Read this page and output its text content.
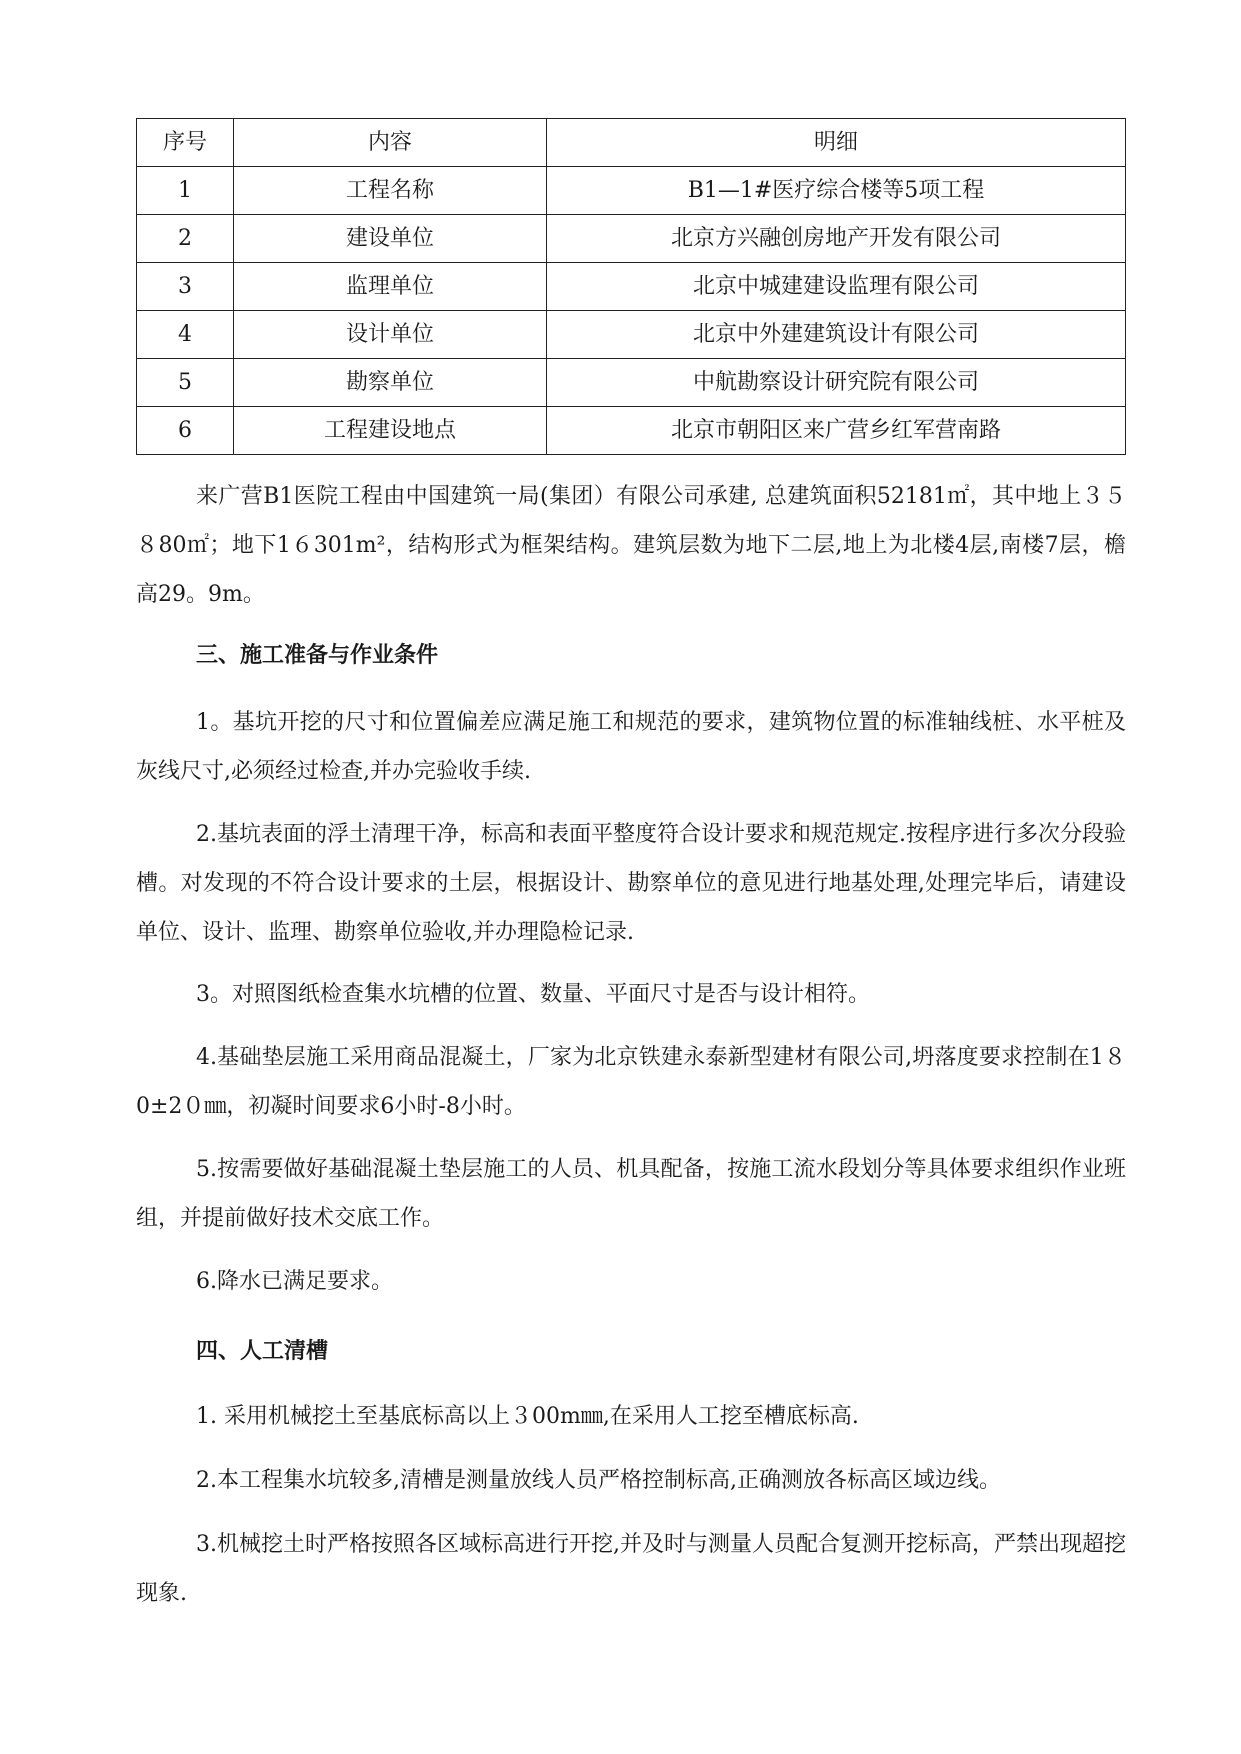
序号	内容	明细
1	工程名称	B1—1#医疗综合楼等5项工程
2	建设单位	北京方兴融创房地产开发有限公司
3	监理单位	北京中城建建设监理有限公司
4	设计单位	北京中外建建筑设计有限公司
5	勘察单位	中航勘察设计研究院有限公司
6	工程建设地点	北京市朝阳区来广营乡红军营南路

来广营B1医院工程由中国建筑一局(集团）有限公司承建, 总建筑面积52181㎡，其中地上３５８80㎡；地下1６301m²，结构形式为框架结构。建筑层数为地下二层,地上为北楼4层,南楼7层，檐高29。9m。

三、施工准备与作业条件

1。基坑开挖的尺寸和位置偏差应满足施工和规范的要求，建筑物位置的标准轴线桩、水平桩及灰线尺寸,必须经过检查,并办完验收手续.

2.基坑表面的浮土清理干净，标高和表面平整度符合设计要求和规范规定.按程序进行多次分段验槽。对发现的不符合设计要求的土层，根据设计、勘察单位的意见进行地基处理,处理完毕后，请建设单位、设计、监理、勘察单位验收,并办理隐检记录.

3。对照图纸检查集水坑槽的位置、数量、平面尺寸是否与设计相符。

4.基础垫层施工采用商品混凝土，厂家为北京铁建永泰新型建材有限公司,坍落度要求控制在1８0±2０㎜，初凝时间要求6小时-8小时。

5.按需要做好基础混凝土垫层施工的人员、机具配备，按施工流水段划分等具体要求组织作业班组，并提前做好技术交底工作。

6.降水已满足要求。

四、人工清槽

1. 采用机械挖土至基底标高以上３00m㎜,在采用人工挖至槽底标高.

2.本工程集水坑较多,清槽是测量放线人员严格控制标高,正确测放各标高区域边线。

3.机械挖土时严格按照各区域标高进行开挖,并及时与测量人员配合复测开挖标高，严禁出现超挖现象.
